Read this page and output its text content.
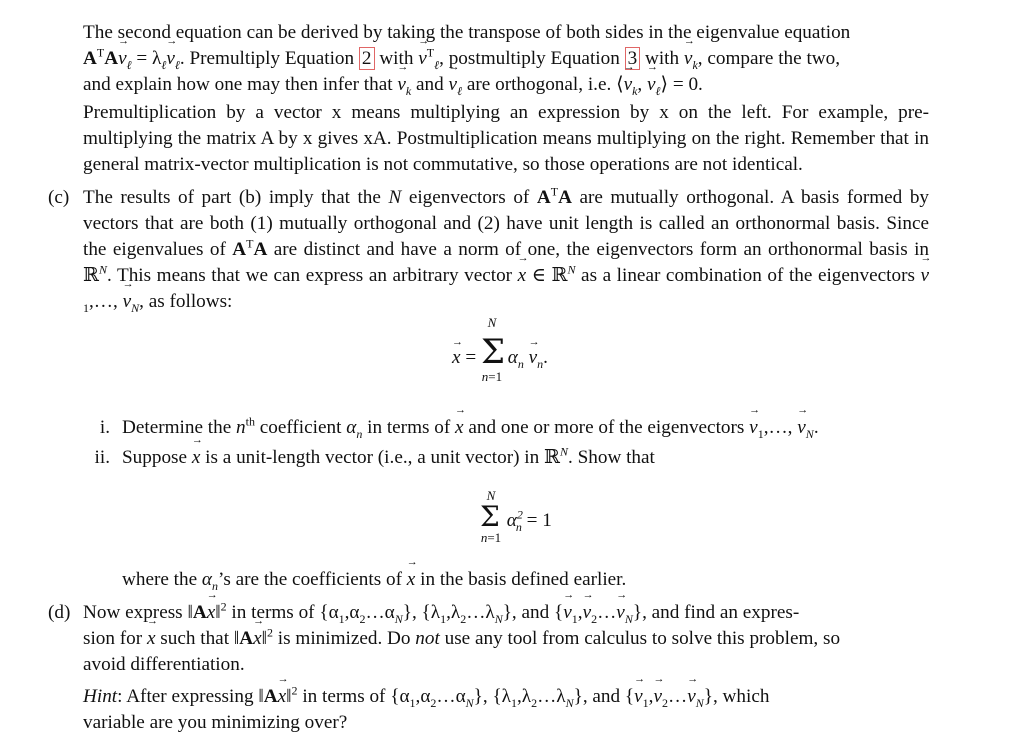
The second equation can be derived by taking the transpose of both sides in the eigenvalue equation

$A^TA\to v_\ell = \lambda_\ell\to v_\ell$. Premultiply Equation 2 with → $v^T_\ell$, postmultiply Equation 3 with → $v_k$, compare the two,

and explain how one may then infer that → $v_k$ and → $v_\ell$ are orthogonal, i.e. ⟨→ $v_k$, → $v_\ell⟩ = 0$.

Premultiplication by a vector x means multiplying an expression by x on the left. For example, pre-multiplying the matrix A by x gives xA. Postmultiplication means multiplying on the right. Remember that in general matrix-vector multiplication is not commutative, so those operations are not identical.

(c) The results of part (b) imply that the N eigenvectors of $A^TA$ are mutually orthogonal. A basis formed by vectors that are both (1) mutually orthogonal and (2) have unit length is called an orthonormal basis. Since the eigenvalues of $A^TA$ are distinct and have a norm of one, the eigenvectors form an orthonormal basis in ℝ$^N$. This means that we can express an arbitrary vector → x ∈ ℝ$^N$ as a linear combination of the eigenvectors → $v_1,\dots$, → $v_N$, as follows:

→ x =
N
Σ
n=1
$\alpha_n \to v_n$.
i. Determine the $n^{th}$ coefficient $\alpha_n$ in terms of → x and one or more of the eigenvectors → $v_1,\dots$, → $v_N$.
ii. Suppose → x is a unit-length vector (i.e., a unit vector) in ℝ$^N$. Show that
N
Σ
n=1
$\alpha^2_n = 1$
where the $\alpha_n’s$ are the coefficients of → x in the basis defined earlier.
(d) Now express ‖A→ x‖$^2$ in terms of $\{\alpha_1,\alpha_2\dots\alpha_N\}$, $\{\lambda_1,\lambda_2\dots\lambda_N\}$, and {→ $v_1,\to$ $v_2\dots\to v_N$}, and find an expres-

sion for → x such that ‖A→ x‖$^2$ is minimized. Do not use any tool from calculus to solve this problem, so

avoid differentiation.

Hint: After expressing ‖A→ x‖$^2$ in terms of $\{\alpha_1,\alpha_2\dots\alpha_N\}$, $\{\lambda_1,\lambda_2\dots\lambda_N\}$, and {→ $v_1,\to$ $v_2\dots\to v_N$}, which

variable are you minimizing over?
